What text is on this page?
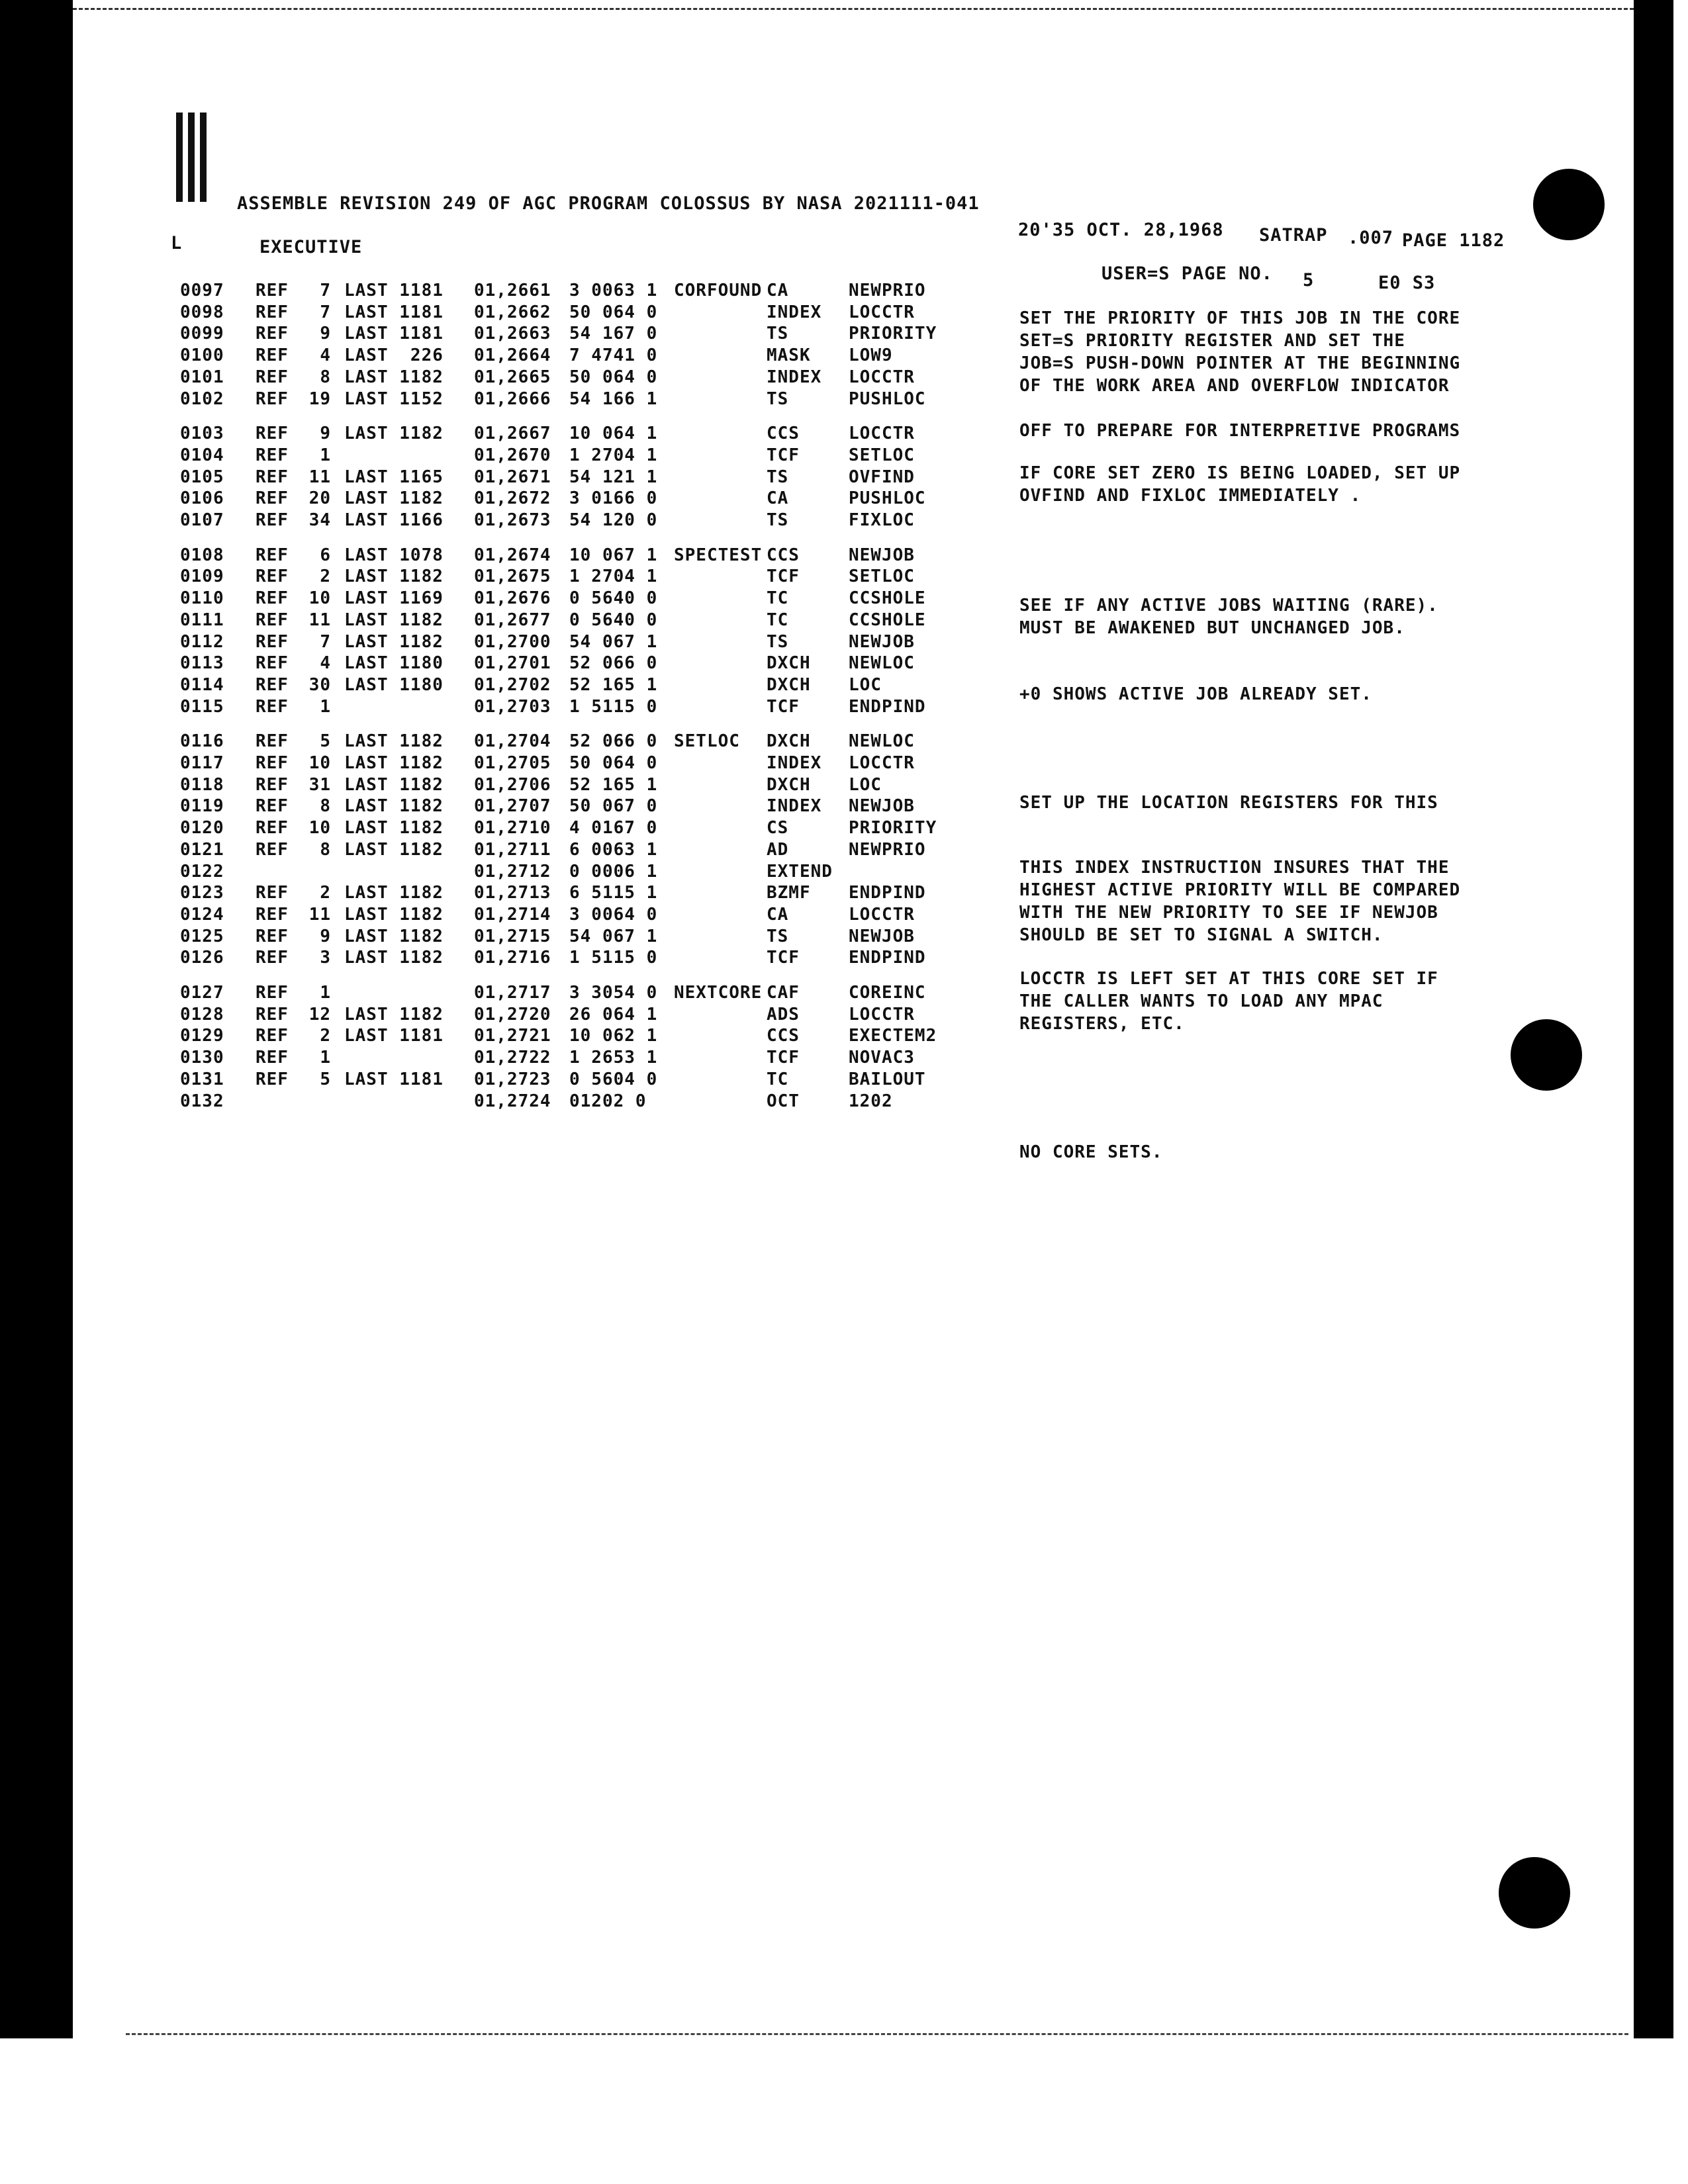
ASSEMBLE REVISION 249 OF AGC PROGRAM COLOSSUS BY NASA 2021111-041
20'35 OCT. 28,1968 SATRAP .007 PAGE 1182
L	EXECUTIVE
USER=S PAGE NO. 5	E0 S3
0097 REF	7 LAST 1181 01,2661 3 0063 1 CORFOUND CA	NEWPRIO
0098 REF	7 LAST 1181 01,2662 50 064 0	INDEX LOCCTR
0099 REF	9 LAST 1181 01,2663 54 167 0	TS	PRIORITY
0100 REF	4 LAST  226 01,2664 7 4741 0	MASK LOW9
0101 REF	8 LAST 1182 01,2665 50 064 0	INDEX LOCCTR
0102 REF	19 LAST 1152 01,2666 54 166 1	TS	PUSHLOC
0103 REF	9 LAST 1182 01,2667 10 064 1	CCS	LOCCTR
0104 REF	1	01,2670 1 2704 1	TCF	SETLOC
0105 REF	11 LAST 1165 01,2671 54 121 1	TS	OVFIND
0106 REF	20 LAST 1182 01,2672 3 0166 0	CA	PUSHLOC
0107 REF	34 LAST 1166 01,2673 54 120 0	TS	FIXLOC
0108 REF	6 LAST 1078 01,2674 10 067 1 SPECTEST CCS	NEWJOB
0109 REF	2 LAST 1182 01,2675 1 2704 1	TCF	SETLOC
0110 REF	10 LAST 1169 01,2676 0 5640 0	TC	CCSHOLE
0111 REF	11 LAST 1182 01,2677 0 5640 0	TC	CCSHOLE
0112 REF	7 LAST 1182 01,2700 54 067 1	TS	NEWJOB
0113 REF	4 LAST 1180 01,2701 52 066 0	DXCH NEWLOC
0114 REF	30 LAST 1180 01,2702 52 165 1	DXCH LOC
0115 REF	1	01,2703 1 5115 0	TCF	ENDPIND
0116 REF	5 LAST 1182 01,2704 52 066 0 SETLOC DXCH NEWLOC
0117 REF	10 LAST 1182 01,2705 50 064 0	INDEX LOCCTR
0118 REF	31 LAST 1182 01,2706 52 165 1	DXCH LOC
0119 REF	8 LAST 1182 01,2707 50 067 0	INDEX NEWJOB
0120 REF	10 LAST 1182 01,2710 4 0167 0	CS	PRIORITY
0121 REF	8 LAST 1182 01,2711 6 0063 1	AD	NEWPRIO
0122	01,2712 0 0006 1	EXTEND
0123 REF	2 LAST 1182 01,2713 6 5115 1	BZMF ENDPIND
0124 REF	11 LAST 1182 01,2714 3 0064 0	CA	LOCCTR
0125 REF	9 LAST 1182 01,2715 54 067 1	TS	NEWJOB
0126 REF	3 LAST 1182 01,2716 1 5115 0	TCF	ENDPIND
0127 REF	1	01,2717 3 3054 0 NEXTCORE CAF	COREINC
0128 REF	12 LAST 1182 01,2720 26 064 1	ADS	LOCCTR
0129 REF	2 LAST 1181 01,2721 10 062 1	CCS	EXECTEM2
0130 REF	1	01,2722 1 2653 1	TCF	NOVAC3
0131 REF	5 LAST 1181 01,2723 0 5604 0	TC	BAILOUT
0132	01,2724 01202 0	OCT	1202
SET THE PRIORITY OF THIS JOB IN THE CORE
SET=S PRIORITY REGISTER AND SET THE
JOB=S PUSH-DOWN POINTER AT THE BEGINNING
OF THE WORK AREA AND OVERFLOW INDICATOR
OFF TO PREPARE FOR INTERPRETIVE PROGRAMS
IF CORE SET ZERO IS BEING LOADED, SET UP
OVFIND AND FIXLOC IMMEDIATELY .
SEE IF ANY ACTIVE JOBS WAITING (RARE).
MUST BE AWAKENED BUT UNCHANGED JOB.
+0 SHOWS ACTIVE JOB ALREADY SET.
SET UP THE LOCATION REGISTERS FOR THIS
THIS INDEX INSTRUCTION INSURES THAT THE
HIGHEST ACTIVE PRIORITY WILL BE COMPARED
WITH THE NEW PRIORITY TO SEE IF NEWJOB
SHOULD BE SET TO SIGNAL A SWITCH.
LOCCTR IS LEFT SET AT THIS CORE SET IF
THE CALLER WANTS TO LOAD ANY MPAC
REGISTERS, ETC.
NO CORE SETS.
